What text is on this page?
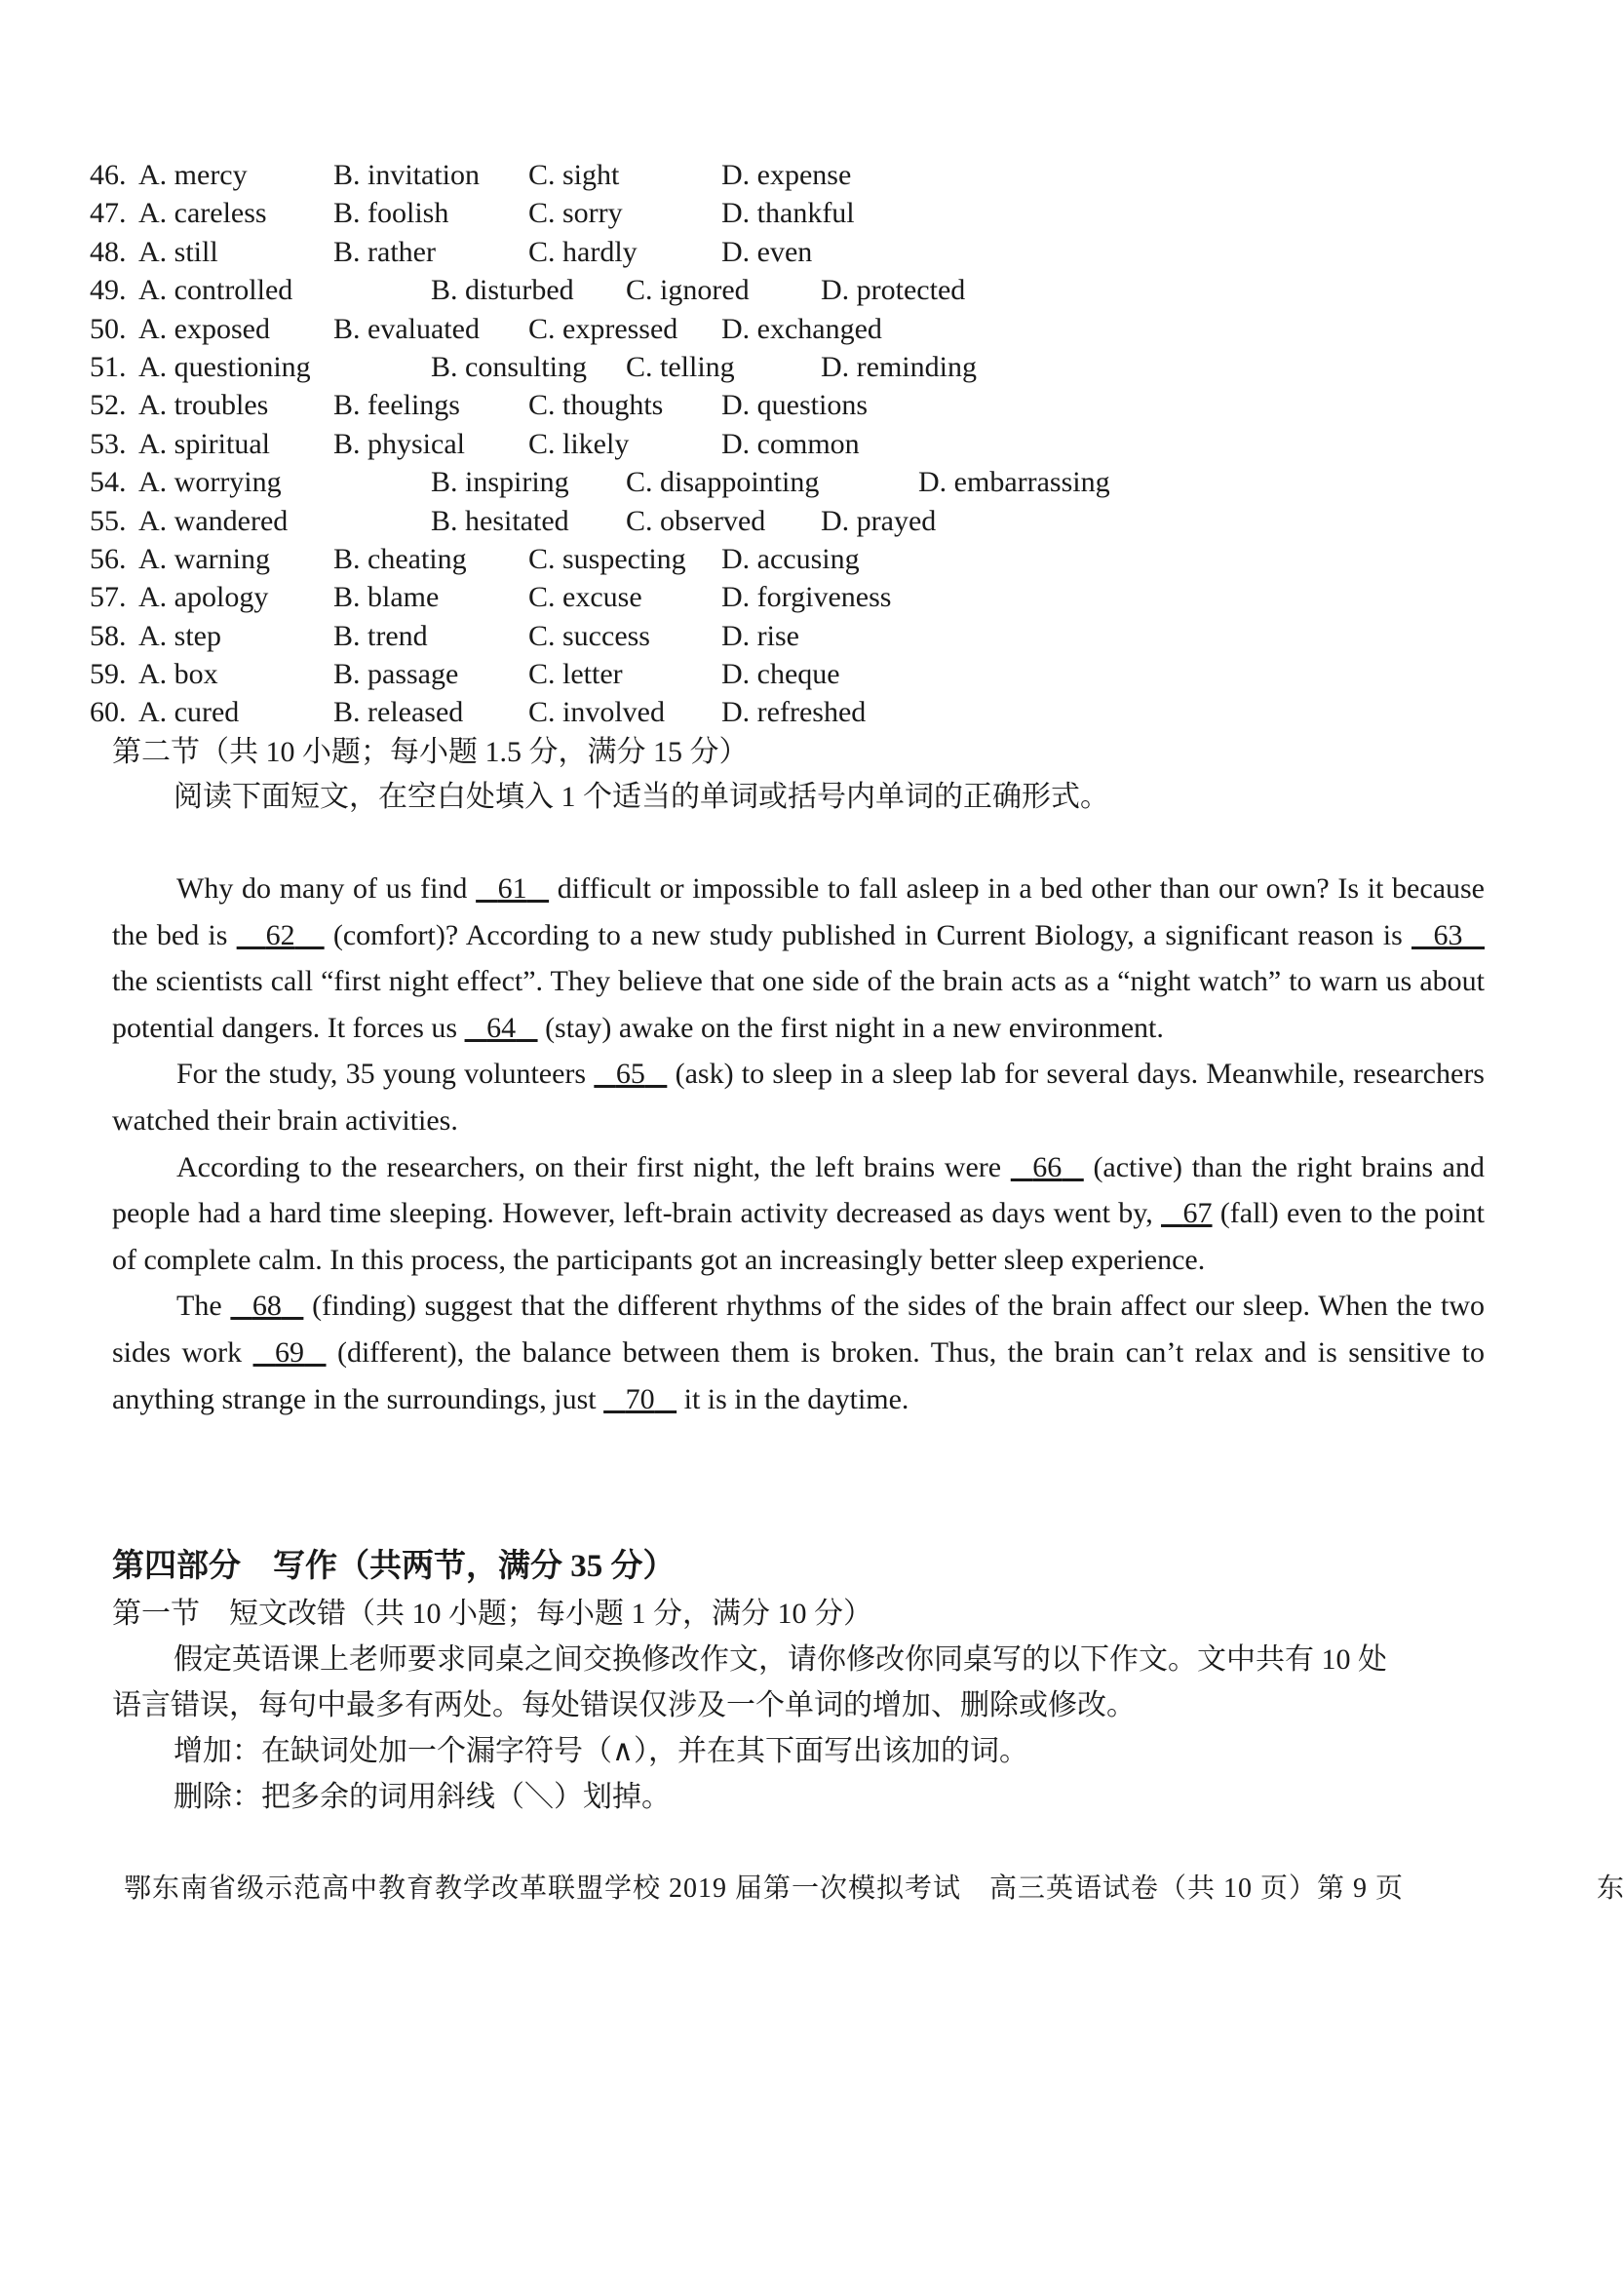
46. A. mercy	B. invitation C. sight	D. expense
47. A. careless B. foolish	C. sorry	D. thankful
48. A. still	B. rather	C. hardly	D. even
49. A. controlled	B. disturbed C. ignored D. protected
50. A. exposed B. evaluated C. expressed D. exchanged
51. A. questioning	B. consulting C. telling	D. reminding
52. A. troubles B. feelings C. thoughts D. questions
53. A. spiritual B. physical C. likely	D. common
54. A. worrying	B. inspiring C. disappointing	D. embarrassing
55. A. wandered	B. hesitated C. observed D. prayed
56. A. warning B. cheating C. suspecting D. accusing
57. A. apology B. blame	C. excuse	D. forgiveness
58. A. step	B. trend	C. success D. rise
59. A. box	B. passage C. letter	D. cheque
60. A. cured	B. released C. involved D. refreshed
第二节（共 10 小题；每小题 1.5 分，满分 15 分）
阅读下面短文，在空白处填入 1 个适当的单词或括号内单词的正确形式。

Why do many of us find    61    difficult or impossible to fall asleep in a bed other than our own? Is it because the bed is     62     (comfort)? According to a new study published in Current Biology, a significant reason is    63    the scientists call “first night effect”. They believe that one side of the brain acts as a “night watch” to warn us about potential dangers. It forces us    64    (stay) awake on the first night in a new environment.

For the study, 35 young volunteers    65    (ask) to sleep in a sleep lab for several days. Meanwhile, researchers watched their brain activities.

According to the researchers, on their first night, the left brains were    66    (active) than the right brains and people had a hard time sleeping. However, left-brain activity decreased as days went by,    67 (fall) even to the point of complete calm. In this process, the participants got an increasingly better sleep experience.

The    68    (finding) suggest that the different rhythms of the sides of the brain affect our sleep. When the two sides work    69    (different), the balance between them is broken. Thus, the brain can’t relax and is sensitive to anything strange in the surroundings, just    70    it is in the daytime.

第四部分　写作（共两节，满分 35 分）
第一节　短文改错（共 10 小题；每小题 1 分，满分 10 分）
假定英语课上老师要求同桌之间交换修改作文，请你修改你同桌写的以下作文。文中共有 10 处
语言错误，每句中最多有两处。每处错误仅涉及一个单词的增加、删除或修改。
增加：在缺词处加一个漏字符号（∧），并在其下面写出该加的词。
删除：把多余的词用斜线（＼）划掉。
鄂东南省级示范高中教育教学改革联盟学校 2019 届第一次模拟考试　高三英语试卷（共 10 页）第 9 页	东
